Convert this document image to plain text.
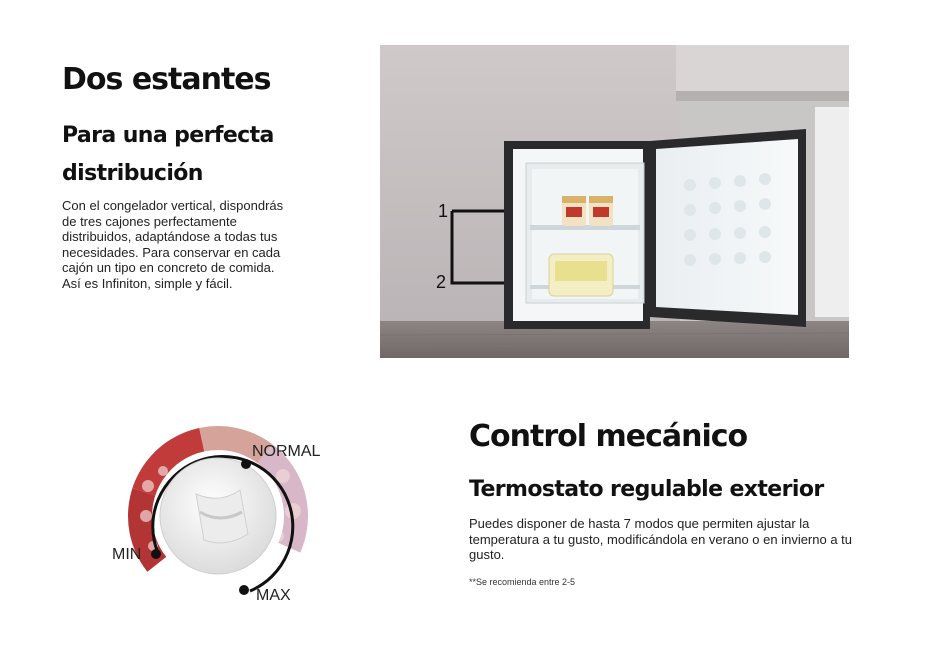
Dos estantes
Para una perfecta distribución

Con el congelador vertical, dispondrás de tres cajones perfectamente distribuidos, adaptándose a todas tus necesidades. Para conservar en cada cajón un tipo en concreto de comida. Así es Infiniton, simple y fácil.

1
2
MIN
NORMAL
MAX
Control mecánico
Termostato regulable exterior

Puedes disponer de hasta 7 modos que permiten ajustar la temperatura a tu gusto, modificándola en verano o en invierno a tu gusto.

**Se recomienda entre 2-5
